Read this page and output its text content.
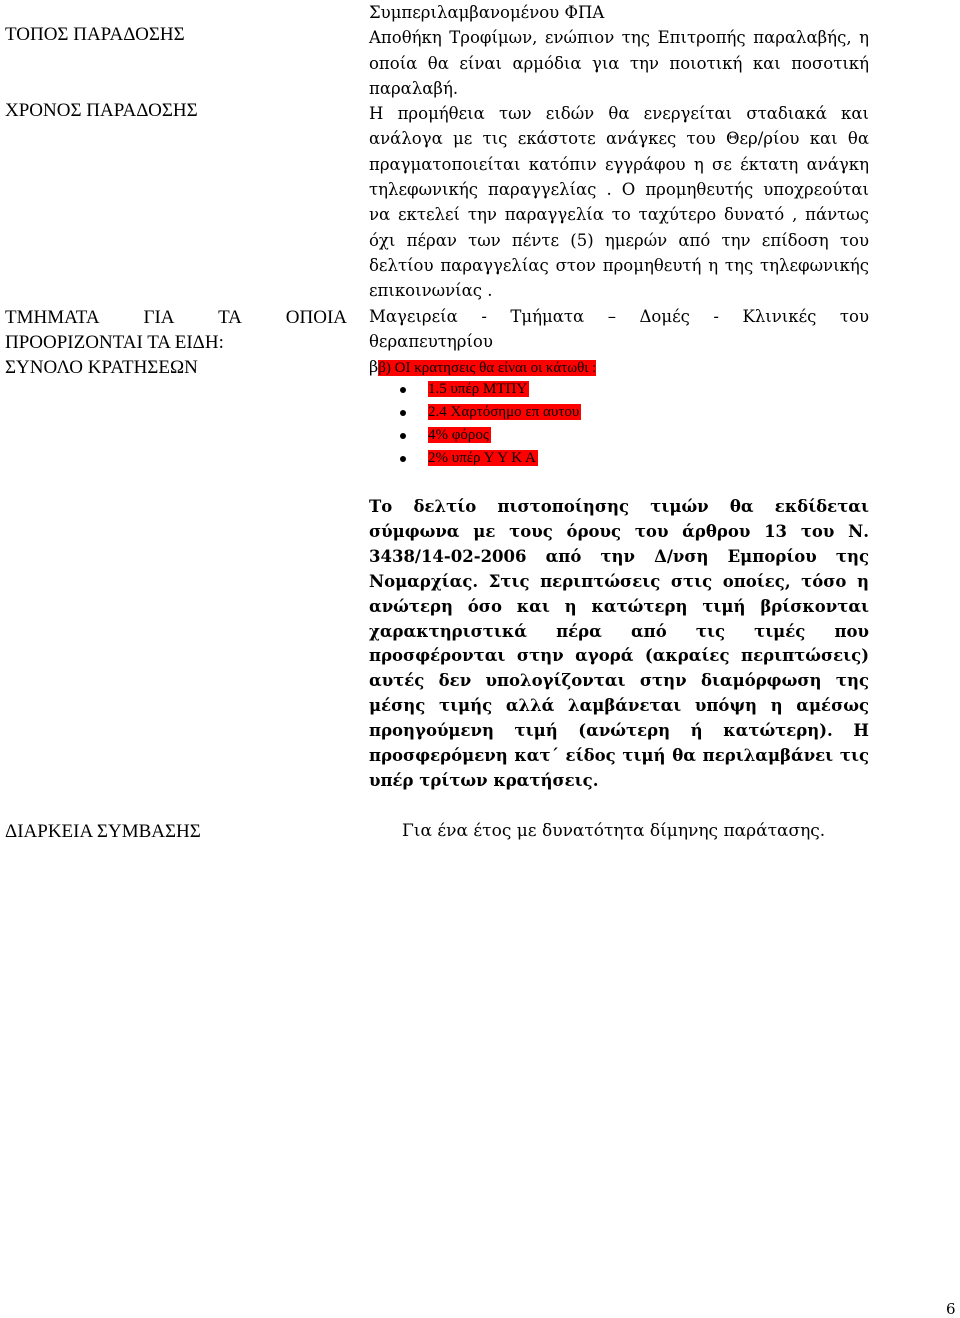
ΤΟΠΟΣ ΠΑΡΑΔΟΣΗΣ
ΧΡΟΝΟΣ ΠΑΡΑΔΟΣΗΣ
ΤΜΗΜΑΤΑ ΓΙΑ ΤΑ ΟΠΟΙΑ
ΠΡΟΟΡΙΖΟΝΤΑΙ ΤΑ ΕΙΔΗ:
ΣΥΝΟΛΟ ΚΡΑΤΗΣΕΩΝ
ΔΙΑΡΚΕΙΑ ΣΥΜΒΑΣΗΣ

Συμπεριλαμβανομένου ΦΠΑ

Αποθήκη Τροφίμων, ενώπιον της Επιτροπής παραλαβής, η οποία θα είναι αρμόδια για την ποιοτική και ποσοτική παραλαβή.

Η προμήθεια των ειδών θα ενεργείται σταδιακά και ανάλογα με τις εκάστοτε ανάγκες του Θερ/ρίου και θα πραγματοποιείται κατόπιν εγγράφου η σε έκτατη ανάγκη τηλεφωνικής παραγγελίας . Ο προμηθευτής υποχρεούται να εκτελεί την παραγγελία το ταχύτερο δυνατό , πάντως όχι πέραν των πέντε (5) ημερών από την επίδοση του δελτίου παραγγελίας στον προμηθευτή η της τηλεφωνικής επικοινωνίας .

Μαγειρεία - Τμήματα – Δομές - Κλινικές του θεραπευτηρίου

ββ) ΟΙ κρατησεις θα είναι οι κάτωθι :
1.5 υπέρ ΜΤΠΥ
2.4 Χαρτόσημο επ αυτου
4% φόρος
2% υπέρ Υ Υ Κ Α

Το δελτίο πιστοποίησης τιμών θα εκδίδεται σύμφωνα με τους όρους του άρθρου 13 του Ν. 3438/14-02-2006 από την Δ/νση Εμπορίου της Νομαρχίας. Στις περιπτώσεις στις οποίες, τόσο η ανώτερη όσο και η κατώτερη τιμή βρίσκονται χαρακτηριστικά πέρα από τις τιμές που προσφέρονται στην αγορά (ακραίες περιπτώσεις) αυτές δεν υπολογίζονται στην διαμόρφωση της μέσης τιμής αλλά λαμβάνεται υπόψη η αμέσως προηγούμενη τιμή (ανώτερη ή κατώτερη). Η προσφερόμενη κατ΄ είδος τιμή θα περιλαμβάνει τις υπέρ τρίτων κρατήσεις.

Για ένα έτος με δυνατότητα δίμηνης παράτασης.
6
